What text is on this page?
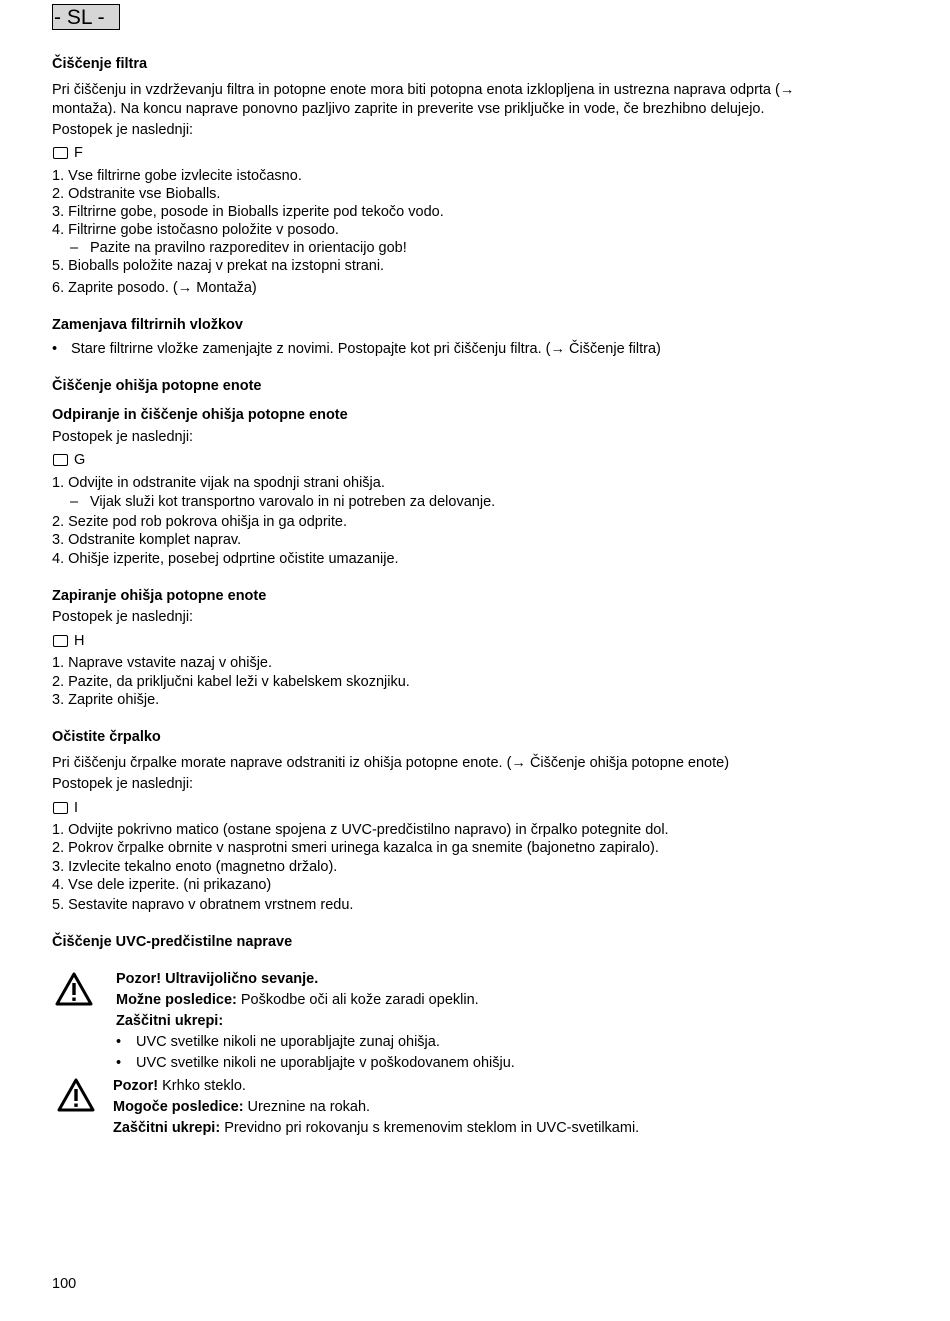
- SL -
Čiščenje filtra
Pri čiščenju in vzdrževanju filtra in potopne enote mora biti potopna enota izklopljena in ustrezna naprava odprta (→
montaža). Na koncu naprave ponovno pazljivo zaprite in preverite vse priključke in vode, če brezhibno delujejo.
Postopek je naslednji:
F
1. Vse filtrirne gobe izvlecite istočasno.
2. Odstranite vse Bioballs.
3. Filtrirne gobe, posode in Bioballs izperite pod tekočo vodo.
4. Filtrirne gobe istočasno položite v posodo.
– Pazite na pravilno razporeditev in orientacijo gob!
5. Bioballs položite nazaj v prekat na izstopni strani.
6. Zaprite posodo. (→ Montaža)
Zamenjava filtrirnih vložkov
• Stare filtrirne vložke zamenjajte z novimi. Postopajte kot pri čiščenju filtra. (→ Čiščenje filtra)
Čiščenje ohišja potopne enote
Odpiranje in čiščenje ohišja potopne enote
Postopek je naslednji:
G
1. Odvijte in odstranite vijak na spodnji strani ohišja.
– Vijak služi kot transportno varovalo in ni potreben za delovanje.
2. Sezite pod rob pokrova ohišja in ga odprite.
3. Odstranite komplet naprav.
4. Ohišje izperite, posebej odprtine očistite umazanije.
Zapiranje ohišja potopne enote
Postopek je naslednji:
H
1. Naprave vstavite nazaj v ohišje.
2. Pazite, da priključni kabel leži v kabelskem skoznjiku.
3. Zaprite ohišje.
Očistite črpalko
Pri čiščenju črpalke morate naprave odstraniti iz ohišja potopne enote. (→ Čiščenje ohišja potopne enote)
Postopek je naslednji:
I
1. Odvijte pokrivno matico (ostane spojena z UVC-predčistilno napravo) in črpalko potegnite dol.
2. Pokrov črpalke obrnite v nasprotni smeri urinega kazalca in ga snemite (bajonetno zapiralo).
3. Izvlecite tekalno enoto (magnetno držalo).
4. Vse dele izperite. (ni prikazano)
5. Sestavite napravo v obratnem vrstnem redu.
Čiščenje UVC-predčistilne naprave
Pozor! Ultravijolično sevanje.
Možne posledice: Poškodbe oči ali kože zaradi opeklin.
Zaščitni ukrepi:
• UVC svetilke nikoli ne uporabljajte zunaj ohišja.
• UVC svetilke nikoli ne uporabljajte v poškodovanem ohišju.
Pozor! Krhko steklo.
Mogoče posledice: Ureznine na rokah.
Zaščitni ukrepi: Previdno pri rokovanju s kremenovim steklom in UVC-svetilkami.
100
